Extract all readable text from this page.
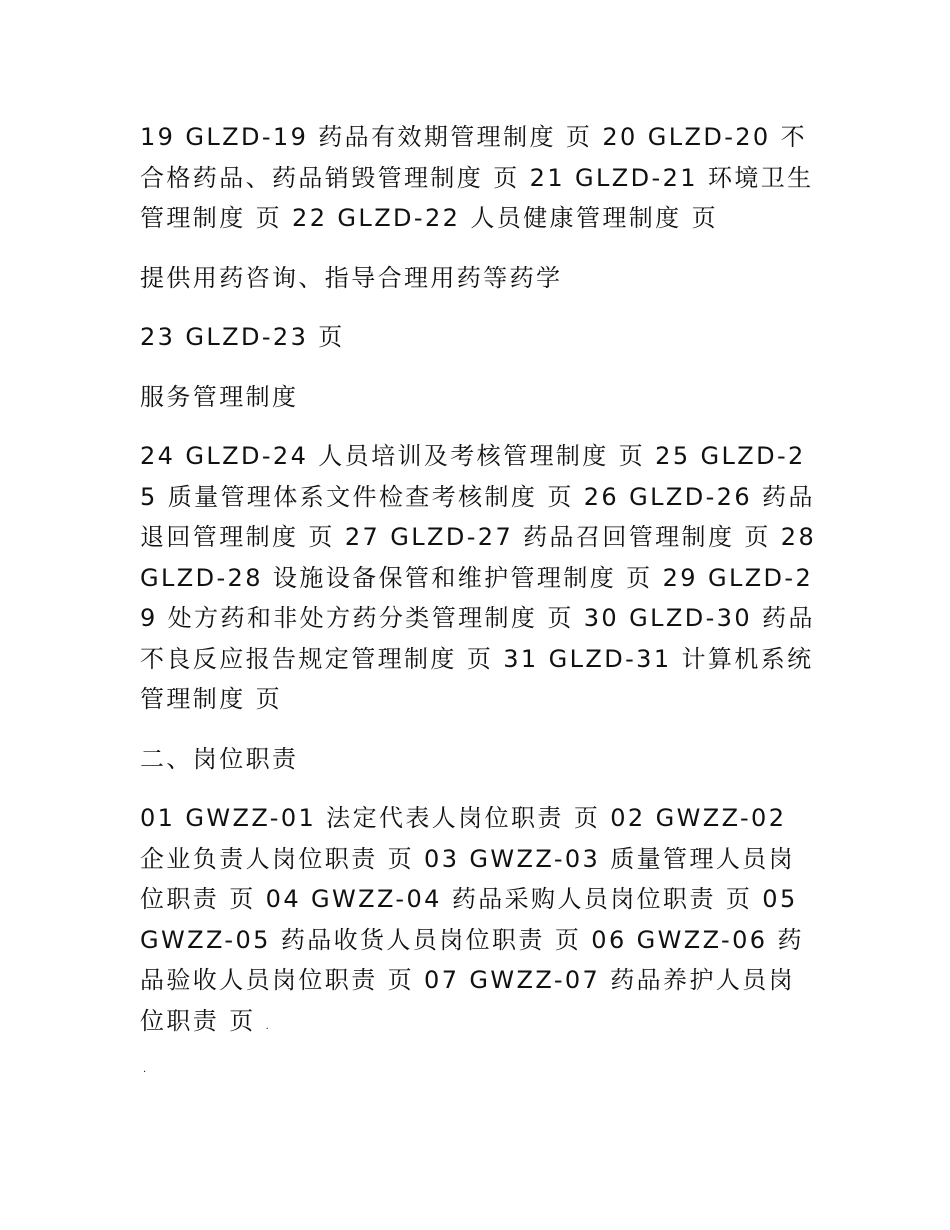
19 GLZD-19 药品有效期管理制度 页 20 GLZD-20 不合格药品、药品销毁管理制度 页 21 GLZD-21 环境卫生管理制度 页 22 GLZD-22 人员健康管理制度 页

提供用药咨询、指导合理用药等药学

23 GLZD-23 页

服务管理制度

24 GLZD-24 人员培训及考核管理制度 页 25 GLZD-25 质量管理体系文件检查考核制度 页 26 GLZD-26 药品退回管理制度 页 27 GLZD-27 药品召回管理制度 页 28 GLZD-28 设施设备保管和维护管理制度 页 29 GLZD-29 处方药和非处方药分类管理制度 页 30 GLZD-30 药品不良反应报告规定管理制度 页 31 GLZD-31 计算机系统管理制度 页

二、岗位职责

01 GWZZ-01 法定代表人岗位职责 页 02 GWZZ-02 企业负责人岗位职责 页 03 GWZZ-03 质量管理人员岗位职责 页 04 GWZZ-04 药品采购人员岗位职责 页 05 GWZZ-05 药品收货人员岗位职责 页 06 GWZZ-06 药品验收人员岗位职责 页 07 GWZZ-07 药品养护人员岗位职责 页 .

.
